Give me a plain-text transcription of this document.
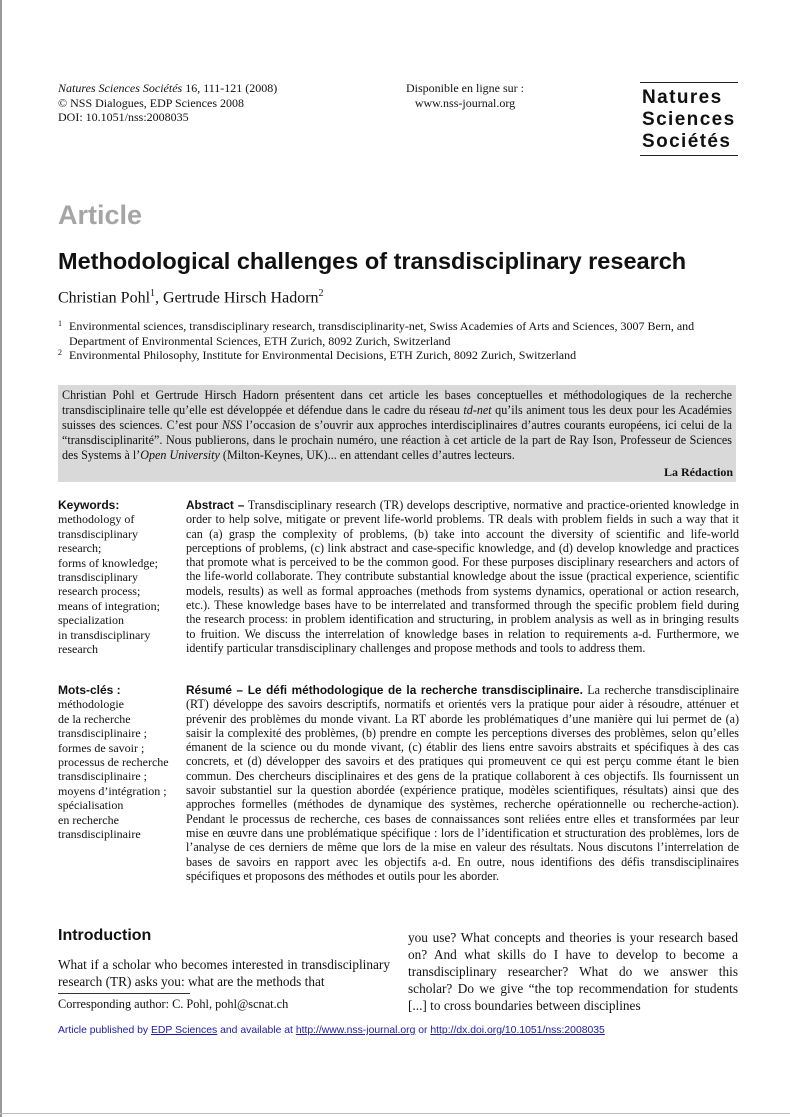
Natures Sciences Sociétés 16, 111-121 (2008)
© NSS Dialogues, EDP Sciences 2008
DOI: 10.1051/nss:2008035
Disponible en ligne sur :
www.nss-journal.org	Natures
Sciences
Sociétés
Article
Methodological challenges of transdisciplinary research
Christian Pohl$^1$, Gertrude Hirsch Hadorn$^2$
1 Environmental sciences, transdisciplinary research, transdisciplinarity-net, Swiss Academies of Arts and Sciences, 3007 Bern, and Department of Environmental Sciences, ETH Zurich, 8092 Zurich, Switzerland
2 Environmental Philosophy, Institute for Environmental Decisions, ETH Zurich, 8092 Zurich, Switzerland

Christian Pohl et Gertrude Hirsch Hadorn présentent dans cet article les bases conceptuelles et méthodologiques de la recherche transdisciplinaire telle qu’elle est développée et défendue dans le cadre du réseau td-net qu’ils animent tous les deux pour les Académies suisses des sciences. C’est pour NSS l’occasion de s’ouvrir aux approches interdisciplinaires d’autres courants européens, ici celui de la “transdisciplinarité”. Nous publierons, dans le prochain numéro, une réaction à cet article de la part de Ray Ison, Professeur de Sciences des Systems à l’Open University (Milton-Keynes, UK)... en attendant celles d’autres lecteurs.

La Rédaction
Keywords:
methodology of
transdisciplinary
research;
forms of knowledge;
transdisciplinary
research process;
means of integration;
specialization
in transdisciplinary
research
Abstract – Transdisciplinary research (TR) develops descriptive, normative and practice-oriented knowledge in order to help solve, mitigate or prevent life-world problems. TR deals with problem fields in such a way that it can (a) grasp the complexity of problems, (b) take into account the diversity of scientific and life-world perceptions of problems, (c) link abstract and case-specific knowledge, and (d) develop knowledge and practices that promote what is perceived to be the common good. For these purposes disciplinary researchers and actors of the life-world collaborate. They contribute substantial knowledge about the issue (practical experience, scientific models, results) as well as formal approaches (methods from systems dynamics, operational or action research, etc.). These knowledge bases have to be interrelated and transformed through the specific problem field during the research process: in problem identification and structuring, in problem analysis as well as in bringing results to fruition. We discuss the interrelation of knowledge bases in relation to requirements a-d. Furthermore, we identify particular transdisciplinary challenges and propose methods and tools to address them.
Mots-clés :
méthodologie
de la recherche
transdisciplinaire ;
formes de savoir ;
processus de recherche
transdisciplinaire ;
moyens d’intégration ;
spécialisation
en recherche
transdisciplinaire
Résumé – Le défi méthodologique de la recherche transdisciplinaire. La recherche transdisciplinaire (RT) développe des savoirs descriptifs, normatifs et orientés vers la pratique pour aider à résoudre, atténuer et prévenir des problèmes du monde vivant. La RT aborde les problématiques d’une manière qui lui permet de (a) saisir la complexité des problèmes, (b) prendre en compte les perceptions diverses des problèmes, selon qu’elles émanent de la science ou du monde vivant, (c) établir des liens entre savoirs abstraits et spécifiques à des cas concrets, et (d) développer des savoirs et des pratiques qui promeuvent ce qui est perçu comme étant le bien commun. Des chercheurs disciplinaires et des gens de la pratique collaborent à ces objectifs. Ils fournissent un savoir substantiel sur la question abordée (expérience pratique, modèles scientifiques, résultats) ainsi que des approches formelles (méthodes de dynamique des systèmes, recherche opérationnelle ou recherche-action). Pendant le processus de recherche, ces bases de connaissances sont reliées entre elles et transformées par leur mise en œuvre dans une problématique spécifique : lors de l’identification et structuration des problèmes, lors de l’analyse de ces derniers de même que lors de la mise en valeur des résultats. Nous discutons l’interrelation de bases de savoirs en rapport avec les objectifs a-d. En outre, nous identifions des défis transdisciplinaires spécifiques et proposons des méthodes et outils pour les aborder.
Introduction
What if a scholar who becomes interested in transdisciplinary research (TR) asks you: what are the methods that
you use? What concepts and theories is your research based on? And what skills do I have to develop to become a transdisciplinary researcher? What do we answer this scholar? Do we give “the top recommendation for students [...] to cross boundaries between disciplines
Corresponding author: C. Pohl, pohl@scnat.ch
Article published by EDP Sciences and available at http://www.nss-journal.org or http://dx.doi.org/10.1051/nss:2008035
